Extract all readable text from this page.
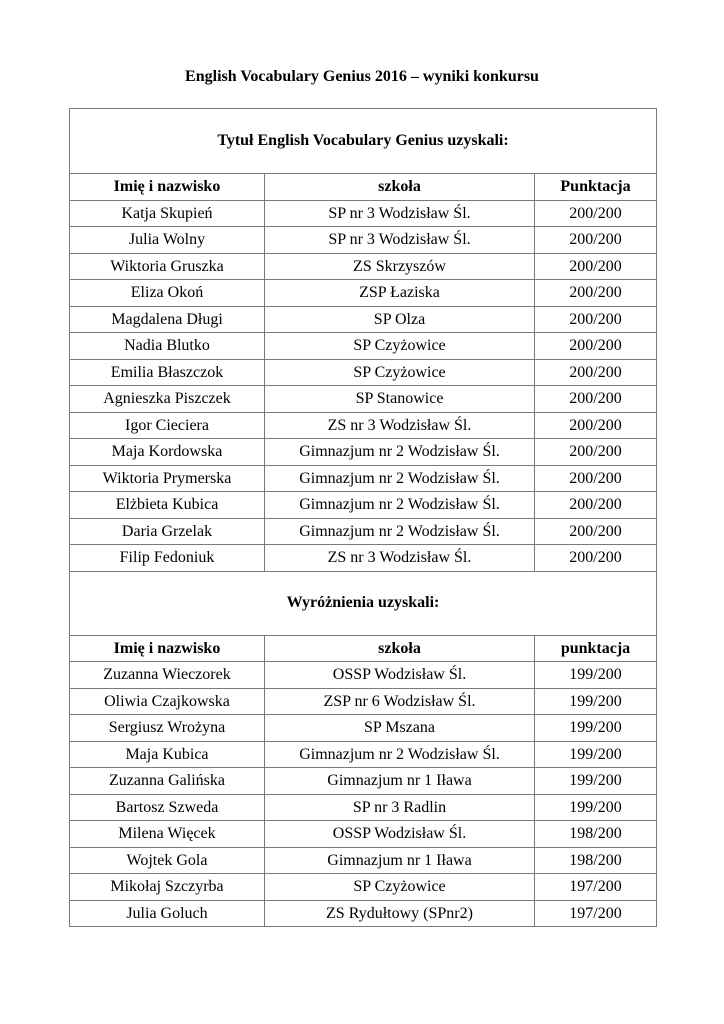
English Vocabulary Genius 2016 – wyniki konkursu
Tytuł English Vocabulary Genius uzyskali:		
Imię i nazwisko	szkoła	Punktacja
Katja Skupień	SP nr 3 Wodzisław Śl.	200/200
Julia Wolny	SP nr 3 Wodzisław Śl.	200/200
Wiktoria Gruszka	ZS Skrzyszów	200/200
Eliza Okoń	ZSP Łaziska	200/200
Magdalena Długi	SP Olza	200/200
Nadia Blutko	SP Czyżowice	200/200
Emilia Błaszczok	SP Czyżowice	200/200
Agnieszka Piszczek	SP Stanowice	200/200
Igor Cieciera	ZS nr 3 Wodzisław Śl.	200/200
Maja Kordowska	Gimnazjum nr 2 Wodzisław Śl.	200/200
Wiktoria Prymerska	Gimnazjum nr 2 Wodzisław Śl.	200/200
Elżbieta Kubica	Gimnazjum nr 2 Wodzisław Śl.	200/200
Daria Grzelak	Gimnazjum nr 2 Wodzisław Śl.	200/200
Filip Fedoniuk	ZS nr 3 Wodzisław Śl.	200/200
Wyróżnienia uzyskali:		
Imię i nazwisko	szkoła	punktacja
Zuzanna Wieczorek	OSSP Wodzisław Śl.	199/200
Oliwia Czajkowska	ZSP nr 6 Wodzisław Śl.	199/200
Sergiusz Wrożyna	SP Mszana	199/200
Maja Kubica	Gimnazjum nr 2 Wodzisław Śl.	199/200
Zuzanna Galińska	Gimnazjum nr 1 Iława	199/200
Bartosz Szweda	SP nr 3 Radlin	199/200
Milena Więcek	OSSP Wodzisław Śl.	198/200
Wojtek Gola	Gimnazjum nr 1 Iława	198/200
Mikołaj Szczyrba	SP Czyżowice	197/200
Julia Goluch	ZS Rydułtowy (SPnr2)	197/200
